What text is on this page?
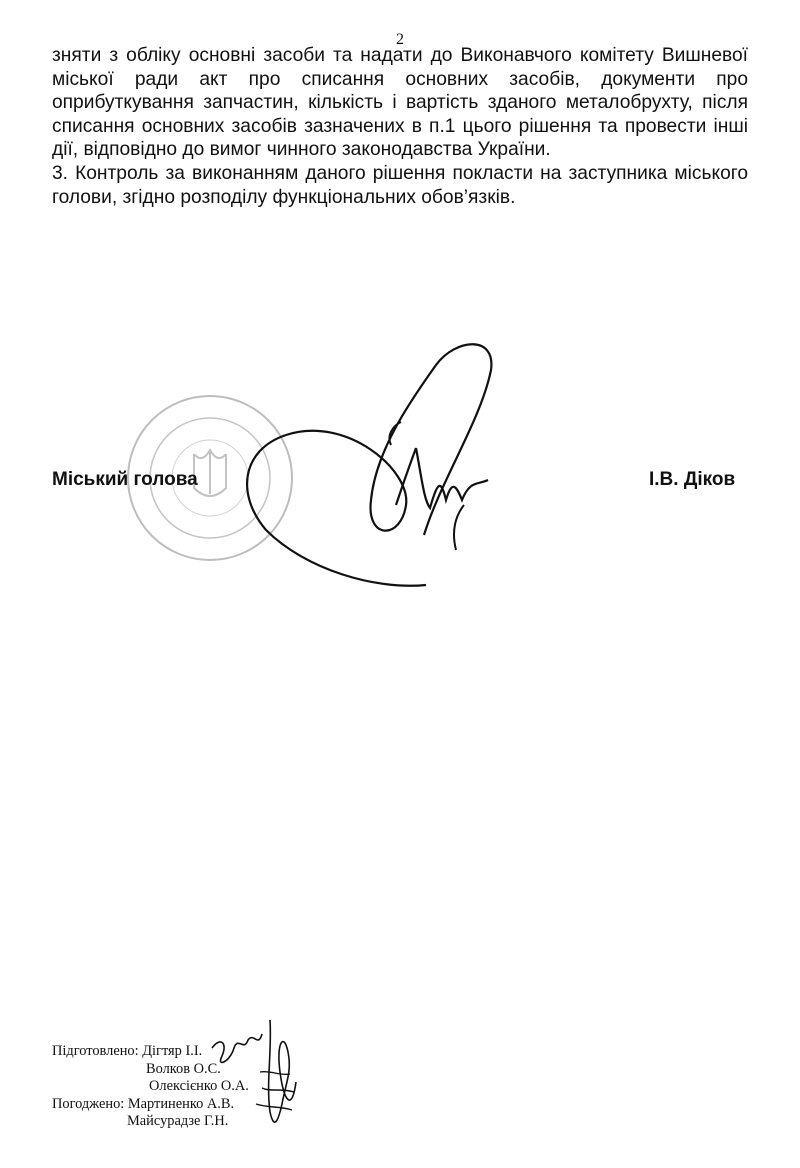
2

зняти з обліку основні засоби та надати до Виконавчого комітету Вишневої міської ради акт про списання основних засобів, документи про оприбуткування запчастин, кількість і вартість зданого металобрухту, після списання основних засобів зазначених в п.1 цього рішення та провести інші дії, відповідно до вимог чинного законодавства України.

3. Контроль за виконанням даного рішення покласти на заступника міського голови, згідно розподілу функціональних обов’язків.

Міський голова	І.В. Діков
Підготовлено: Дігтяр І.І.
Волков О.С.
Олексієнко О.А.
Погоджено: Мартиненко А.В.
Майсурадзе Г.Н.
